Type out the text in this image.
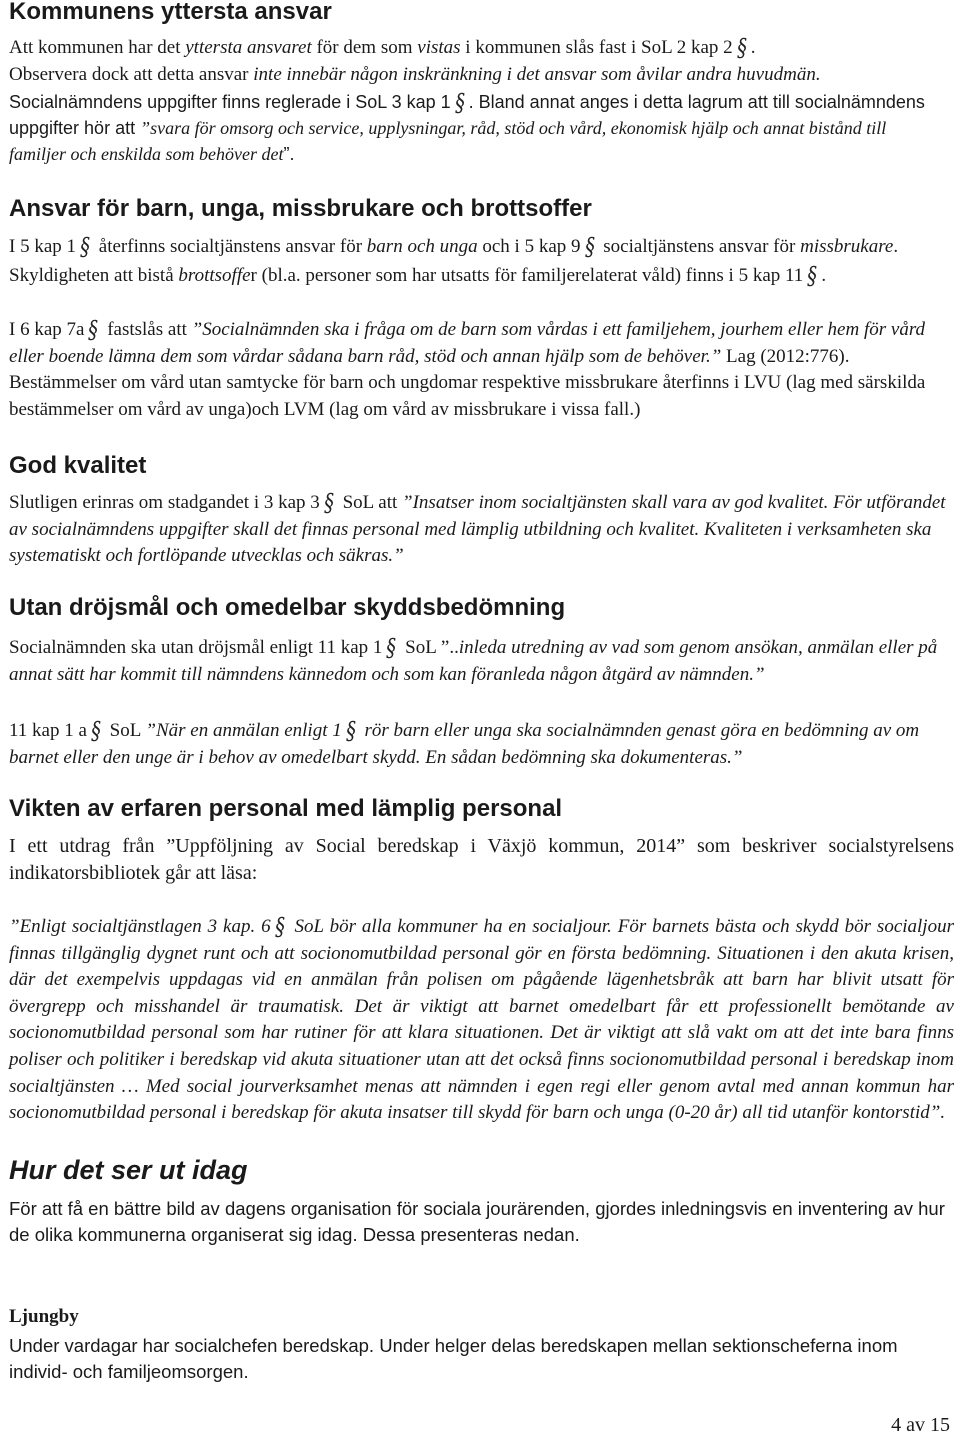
Kommunens yttersta ansvar

Att kommunen har det yttersta ansvaret för dem som vistas i kommunen slås fast i SoL 2 kap 2 § .
Observera dock att detta ansvar inte innebär någon inskränkning i det ansvar som åvilar andra huvudmän.

Socialnämndens uppgifter finns reglerade i SoL 3 kap 1 § . Bland annat anges i detta lagrum att till socialnämndens uppgifter hör att ”svara för omsorg och service, upplysningar, råd, stöd och vård, ekonomisk hjälp och annat bistånd till familjer och enskilda som behöver det”.

Ansvar för barn, unga, missbrukare och brottsoffer

I 5 kap 1 § återfinns socialtjänstens ansvar för barn och unga och i 5 kap 9 § socialtjänstens ansvar för missbrukare. Skyldigheten att bistå brottsoffer (bl.a. personer som har utsatts för familjerelaterat våld) finns i 5 kap 11 § .

I 6 kap 7a § fastslås att ”Socialnämnden ska i fråga om de barn som vårdas i ett familjehem, jourhem eller hem för vård eller boende lämna dem som vårdar sådana barn råd, stöd och annan hjälp som de behöver.” Lag (2012:776).

Bestämmelser om vård utan samtycke för barn och ungdomar respektive missbrukare återfinns i LVU (lag med särskilda bestämmelser om vård av unga)och LVM (lag om vård av missbrukare i vissa fall.)

God kvalitet

Slutligen erinras om stadgandet i 3 kap 3 § SoL att ”Insatser inom socialtjänsten skall vara av god kvalitet. För utförandet av socialnämndens uppgifter skall det finnas personal med lämplig utbildning och kvalitet. Kvaliteten i verksamheten ska systematiskt och fortlöpande utvecklas och säkras.”

Utan dröjsmål och omedelbar skyddsbedömning

Socialnämnden ska utan dröjsmål enligt 11 kap 1 § SoL ”..inleda utredning av vad som genom ansökan, anmälan eller på annat sätt har kommit till nämndens kännedom och som kan föranleda någon åtgärd av nämnden.”

11 kap 1 a § SoL ”När en anmälan enligt 1 § rör barn eller unga ska socialnämnden genast göra en bedömning av om barnet eller den unge är i behov av omedelbart skydd. En sådan bedömning ska dokumenteras.”

Vikten av erfaren personal med lämplig personal

I ett utdrag från ”Uppföljning av Social beredskap i Växjö kommun, 2014” som beskriver socialstyrelsens indikatorsbibliotek går att läsa:

”Enligt socialtjänstlagen 3 kap. 6 § SoL bör alla kommuner ha en socialjour. För barnets bästa och skydd bör socialjour finnas tillgänglig dygnet runt och att socionomutbildad personal gör en första bedömning. Situationen i den akuta krisen, där det exempelvis uppdagas vid en anmälan från polisen om pågående lägenhetsbråk att barn har blivit utsatt för övergrepp och misshandel är traumatisk. Det är viktigt att barnet omedelbart får ett professionellt bemötande av socionomutbildad personal som har rutiner för att klara situationen. Det är viktigt att slå vakt om att det inte bara finns poliser och politiker i beredskap vid akuta situationer utan att det också finns socionomutbildad personal i beredskap inom socialtjänsten … Med social jourverksamhet menas att nämnden i egen regi eller genom avtal med annan kommun har socionomutbildad personal i beredskap för akuta insatser till skydd för barn och unga (0-20 år) all tid utanför kontorstid”.

Hur det ser ut idag

För att få en bättre bild av dagens organisation för sociala jourärenden, gjordes inledningsvis en inventering av hur de olika kommunerna organiserat sig idag. Dessa presenteras nedan.

Ljungby

Under vardagar har socialchefen beredskap. Under helger delas beredskapen mellan sektionscheferna inom individ- och familjeomsorgen.

4 av 15
